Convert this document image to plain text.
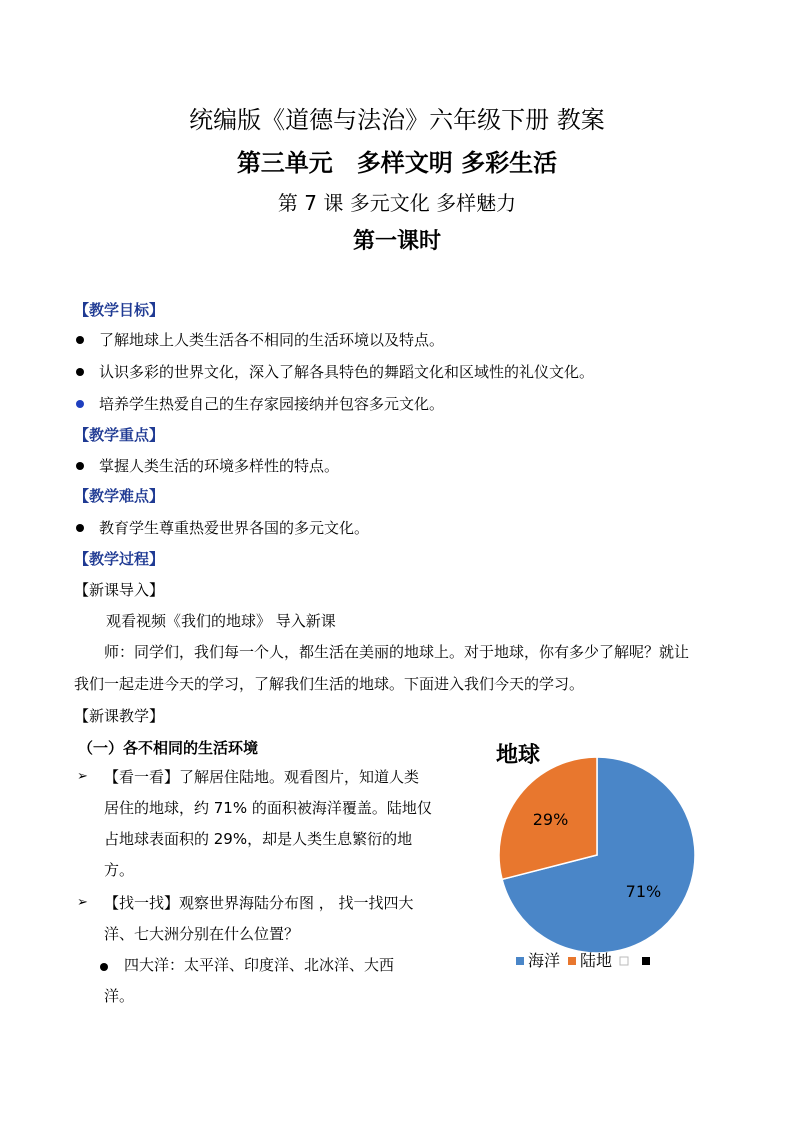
统编版《道德与法治》六年级下册 教案
第三单元　多样文明 多彩生活
第 7 课 多元文化 多样魅力
第一课时
【教学目标】
了解地球上人类生活各不相同的生活环境以及特点。
认识多彩的世界文化，深入了解各具特色的舞蹈文化和区域性的礼仪文化。
培养学生热爱自己的生存家园接纳并包容多元文化。
【教学重点】
掌握人类生活的环境多样性的特点。
【教学难点】
教育学生尊重热爱世界各国的多元文化。
【教学过程】
【新课导入】
观看视频《我们的地球》 导入新课
师：同学们，我们每一个人，都生活在美丽的地球上。对于地球，你有多少了解呢？就让
我们一起走进今天的学习，了解我们生活的地球。下面进入我们今天的学习。
【新课教学】
（一）各不相同的生活环境
➢ 【看一看】了解居住陆地。观看图片，知道人类
居住的地球，约 71% 的面积被海洋覆盖。陆地仅
占地球表面积的 29%，却是人类生息繁衍的地
方。
➢ 【找一找】观察世界海陆分布图 ， 找一找四大
洋、七大洲分别在什么位置？
四大洋：太平洋、印度洋、北冰洋、大西
洋。
地球
71%
29%
海洋 陆地
